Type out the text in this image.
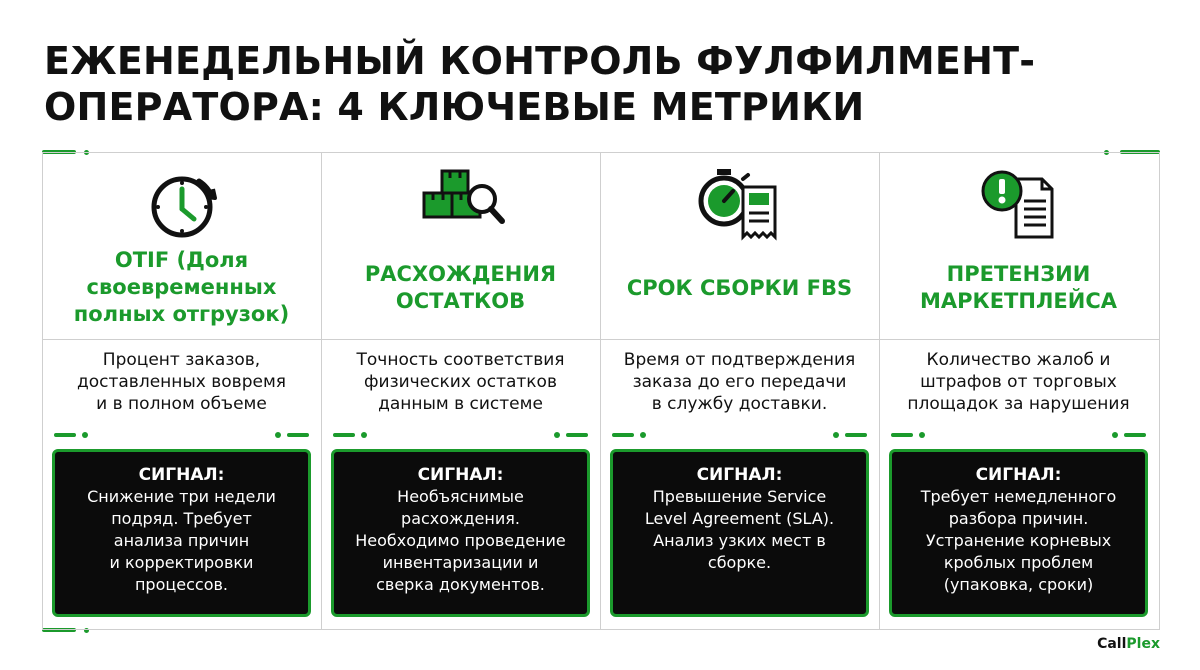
ЕЖЕНЕДЕЛЬНЫЙ КОНТРОЛЬ ФУЛФИЛМЕНТ-
ОПЕРАТОРА: 4 КЛЮЧЕВЫЕ МЕТРИКИ
OTIF (Доля
своевременных
полных отгрузок)
Процент заказов,
доставленных вовремя
и в полном объеме
СИГНАЛ:
Снижение три недели
подряд. Требует
анализа причин
и корректировки
процессов.
РАСХОЖДЕНИЯ
ОСТАТКОВ
Точность соответствия
физических остатков
данным в системе
СИГНАЛ:
Необъяснимые
расхождения.
Необходимо проведение
инвентаризации и
сверка документов.
СРОК СБОРКИ FBS
Время от подтверждения
заказа до его передачи
в службу доставки.
СИГНАЛ:
Превышение Service
Level Agreement (SLA).
Анализ узких мест в
сборке.
ПРЕТЕНЗИИ
МАРКЕТПЛЕЙСА
Количество жалоб и
штрафов от торговых
площадок за нарушения
СИГНАЛ:
Требует немедленного
разбора причин.
Устранение корневых
кроблых проблем
(упаковка, сроки)
CallPlex
